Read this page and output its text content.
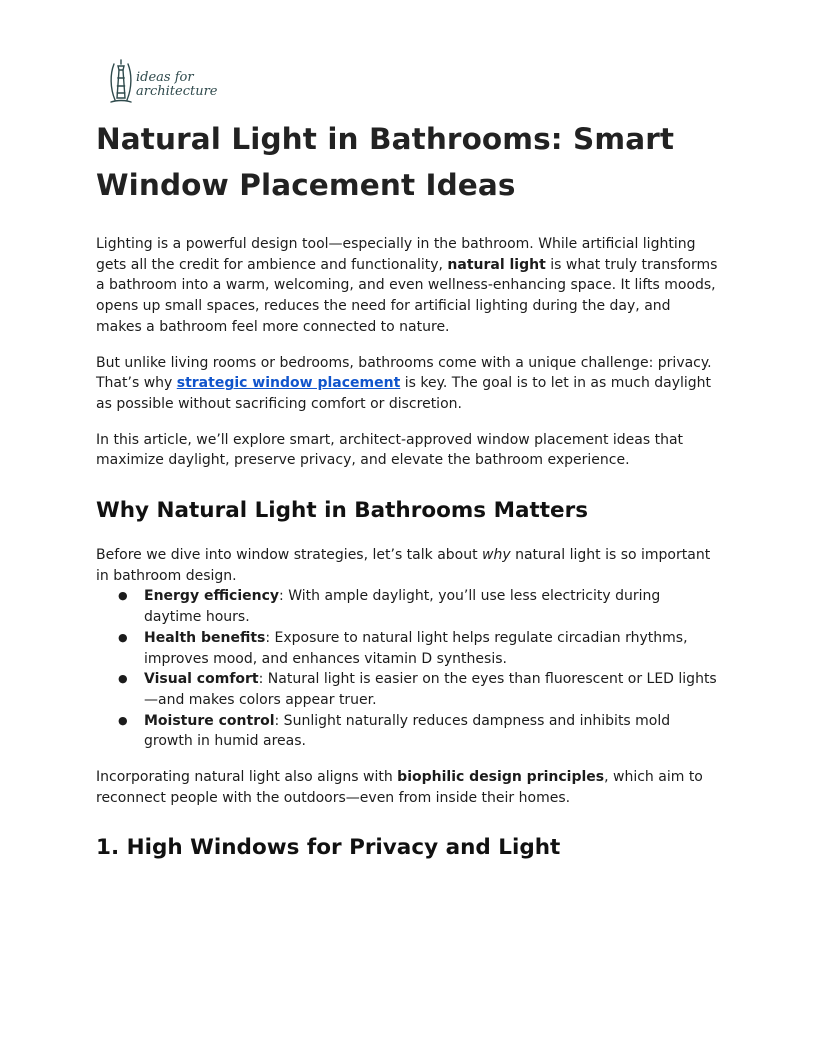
ideas for
architecture
Natural Light in Bathrooms: Smart Window Placement Ideas

Lighting is a powerful design tool—especially in the bathroom. While artificial lighting gets all the credit for ambience and functionality, natural light is what truly transforms a bathroom into a warm, welcoming, and even wellness-enhancing space. It lifts moods, opens up small spaces, reduces the need for artificial lighting during the day, and makes a bathroom feel more connected to nature.

But unlike living rooms or bedrooms, bathrooms come with a unique challenge: privacy. That’s why strategic window placement is key. The goal is to let in as much daylight as possible without sacrificing comfort or discretion.

In this article, we’ll explore smart, architect-approved window placement ideas that maximize daylight, preserve privacy, and elevate the bathroom experience.

Why Natural Light in Bathrooms Matters

Before we dive into window strategies, let’s talk about why natural light is so important in bathroom design.

● Energy efficiency: With ample daylight, you’ll use less electricity during daytime hours.
● Health benefits: Exposure to natural light helps regulate circadian rhythms, improves mood, and enhances vitamin D synthesis.
● Visual comfort: Natural light is easier on the eyes than fluorescent or LED lights—and makes colors appear truer.
● Moisture control: Sunlight naturally reduces dampness and inhibits mold growth in humid areas.

Incorporating natural light also aligns with biophilic design principles, which aim to reconnect people with the outdoors—even from inside their homes.

1. High Windows for Privacy and Light
